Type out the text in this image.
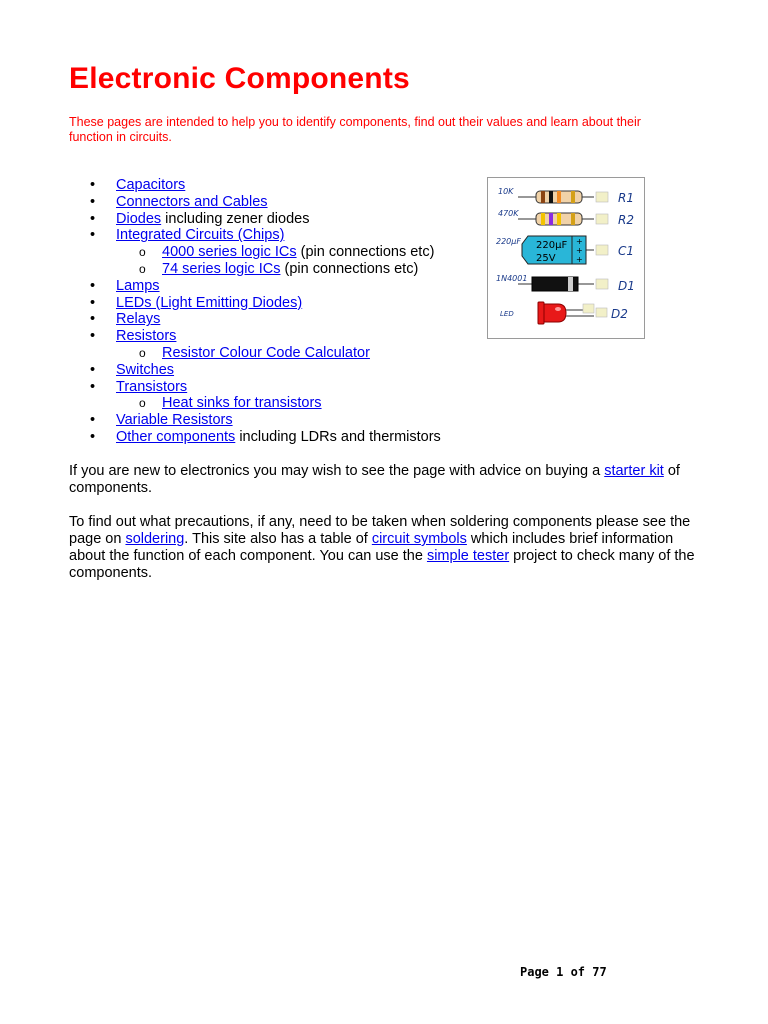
Electronic Components

These pages are intended to help you to identify components, find out their values and learn about their function in circuits.

• Capacitors
• Connectors and Cables
• Diodes including zener diodes
• Integrated Circuits (Chips)
o 4000 series logic ICs (pin connections etc)
o 74 series logic ICs (pin connections etc)
• Lamps
• LEDs (Light Emitting Diodes)
• Relays
• Resistors
o Resistor Colour Code Calculator
• Switches
• Transistors
o Heat sinks for transistors
• Variable Resistors
• Other components including LDRs and thermistors
10K	R1
470K	R2
220μF 220μF
25V
+
+
+
C1
1N4001
D1
LED	D2

If you are new to electronics you may wish to see the page with advice on buying a starter kit of components.

To find out what precautions, if any, need to be taken when soldering components please see the page on soldering. This site also has a table of circuit symbols which includes brief information about the function of each component. You can use the simple tester project to check many of the components.

Page 1 of 77
